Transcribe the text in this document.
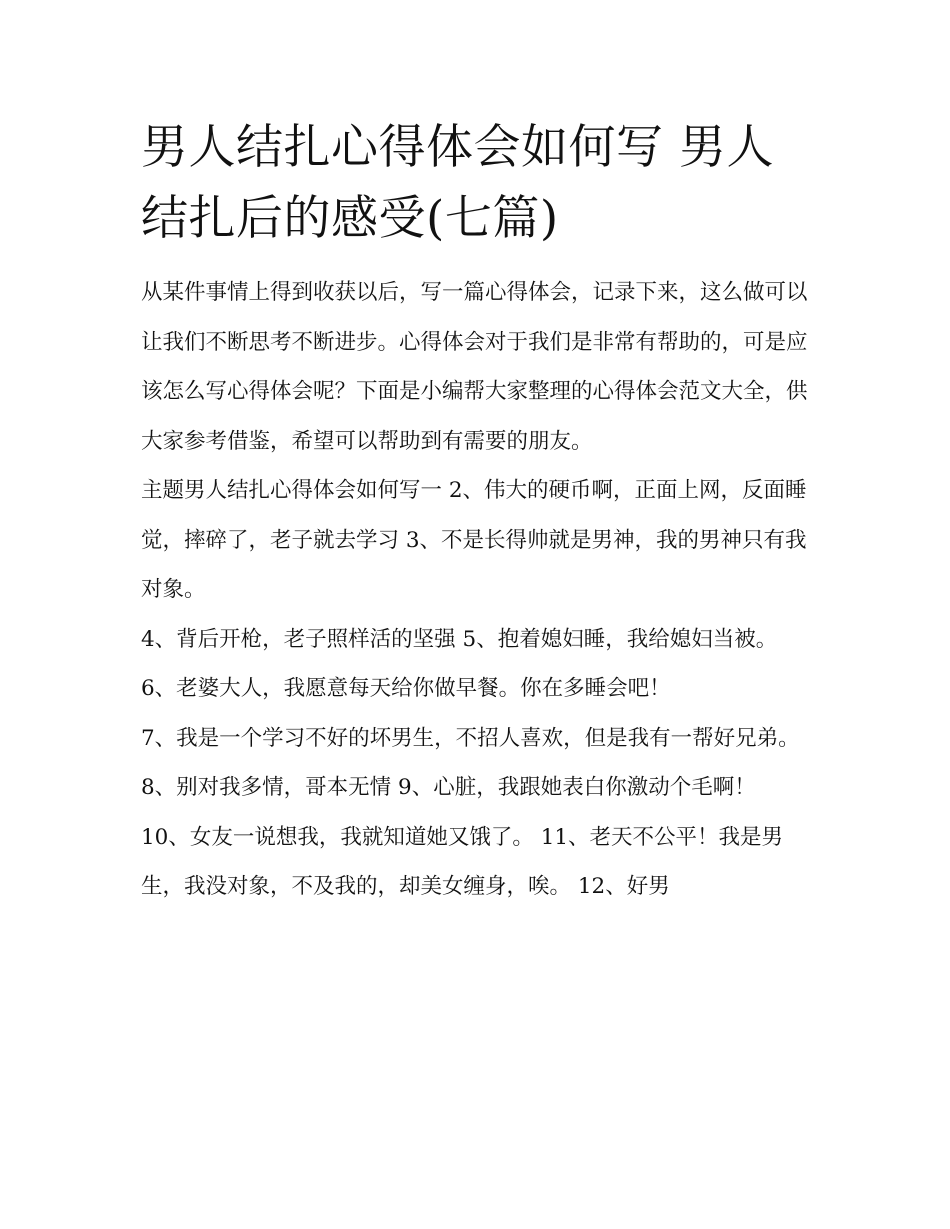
男人结扎心得体会如何写 男人结扎后的感受(七篇)

从某件事情上得到收获以后，写一篇心得体会，记录下来，这么做可以让我们不断思考不断进步。心得体会对于我们是非常有帮助的，可是应该怎么写心得体会呢？下面是小编帮大家整理的心得体会范文大全，供大家参考借鉴，希望可以帮助到有需要的朋友。

主题男人结扎心得体会如何写一 2、伟大的硬币啊，正面上网，反面睡觉，摔碎了，老子就去学习 3、不是长得帅就是男神，我的男神只有我对象。

4、背后开枪，老子照样活的坚强 5、抱着媳妇睡，我给媳妇当被。 6、老婆大人，我愿意每天给你做早餐。你在多睡会吧！

7、我是一个学习不好的坏男生，不招人喜欢，但是我有一帮好兄弟。 8、别对我多情，哥本无情 9、心脏，我跟她表白你激动个毛啊！

10、女友一说想我，我就知道她又饿了。 11、老天不公平！我是男生，我没对象，不及我的，却美女缠身，唉。 12、好男
